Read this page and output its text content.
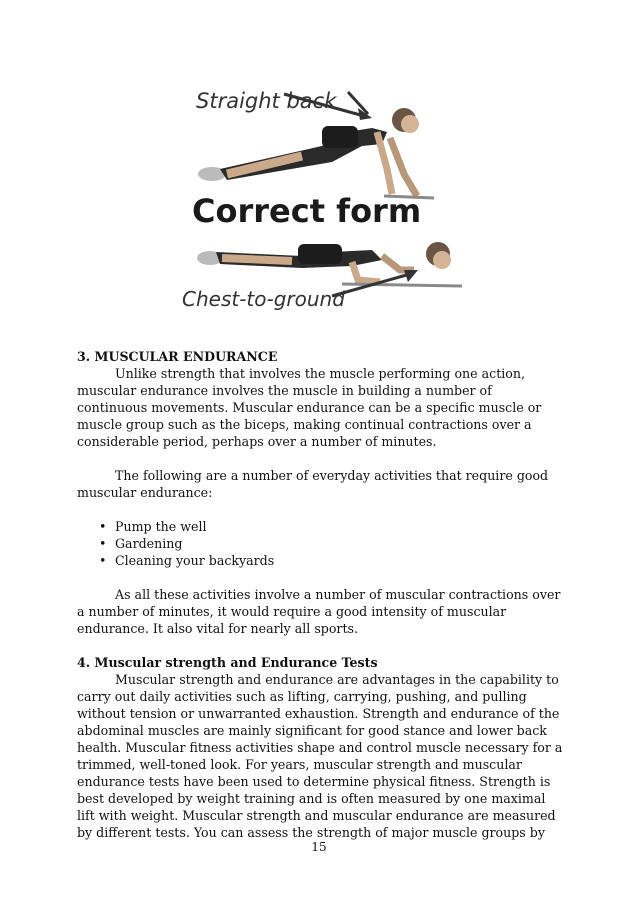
Straight back
Correct form
Chest-to-ground

3. MUSCULAR ENDURANCE

Unlike strength that involves the muscle performing one action, muscular endurance involves the muscle in building a number of continuous movements. Muscular endurance can be a specific muscle or muscle group such as the biceps, making continual contractions over a considerable period, perhaps over a number of minutes.

The following are a number of everyday activities that require good muscular endurance:

• Pump the well
• Gardening
• Cleaning your backyards

As all these activities involve a number of muscular contractions over a number of minutes, it would require a good intensity of muscular endurance. It also vital for nearly all sports.

4. Muscular strength and Endurance Tests

Muscular strength and endurance are advantages in the capability to carry out daily activities such as lifting, carrying, pushing, and pulling without tension or unwarranted exhaustion. Strength and endurance of the abdominal muscles are mainly significant for good stance and lower back health. Muscular fitness activities shape and control muscle necessary for a trimmed, well-toned look. For years, muscular strength and muscular endurance tests have been used to determine physical fitness. Strength is best developed by weight training and is often measured by one maximal lift with weight. Muscular strength and muscular endurance are measured by different tests. You can assess the strength of major muscle groups by

15
